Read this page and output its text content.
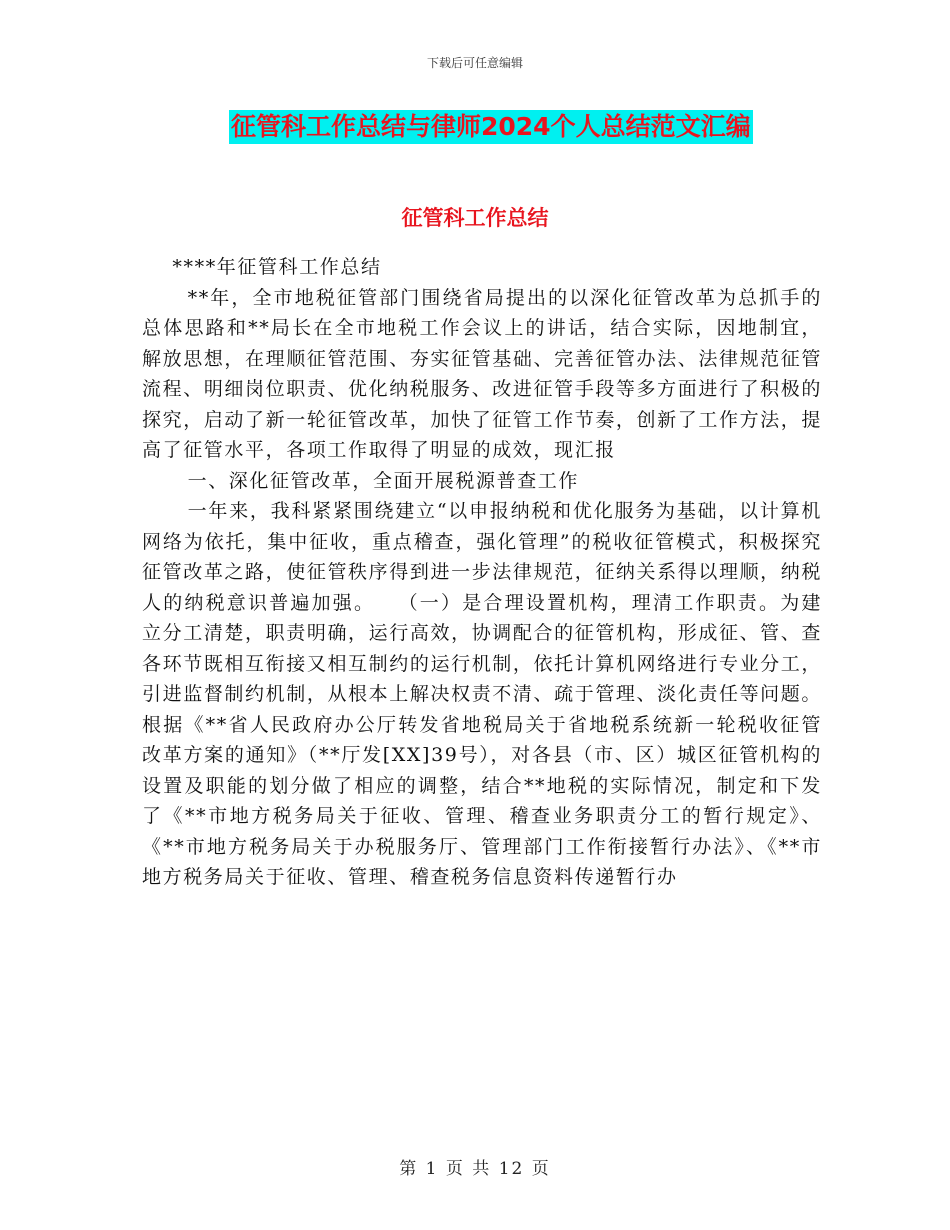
下载后可任意编辑
征管科工作总结与律师2024个人总结范文汇编
征管科工作总结

****年征管科工作总结

**年，全市地税征管部门围绕省局提出的以深化征管改革为总抓手的总体思路和**局长在全市地税工作会议上的讲话，结合实际，因地制宜，解放思想，在理顺征管范围、夯实征管基础、完善征管办法、法律规范征管流程、明细岗位职责、优化纳税服务、改进征管手段等多方面进行了积极的探究，启动了新一轮征管改革，加快了征管工作节奏，创新了工作方法，提高了征管水平，各项工作取得了明显的成效，现汇报

一、深化征管改革，全面开展税源普查工作

一年来，我科紧紧围绕建立“以申报纳税和优化服务为基础，以计算机网络为依托，集中征收，重点稽查，强化管理”的税收征管模式，积极探究征管改革之路，使征管秩序得到进一步法律规范，征纳关系得以理顺，纳税人的纳税意识普遍加强。　　（一）是合理设置机构，理清工作职责。为建立分工清楚，职责明确，运行高效，协调配合的征管机构，形成征、管、查各环节既相互衔接又相互制约的运行机制，依托计算机网络进行专业分工，引进监督制约机制，从根本上解决权责不清、疏于管理、淡化责任等问题。根据《**省人民政府办公厅转发省地税局关于省地税系统新一轮税收征管改革方案的通知》（**厅发[XX]39号），对各县（市、区）城区征管机构的设置及职能的划分做了相应的调整，结合**地税的实际情况，制定和下发了《**市地方税务局关于征收、管理、稽查业务职责分工的暂行规定》、《**市地方税务局关于办税服务厅、管理部门工作衔接暂行办法》、《**市地方税务局关于征收、管理、稽查税务信息资料传递暂行办

第 1 页 共 12 页
